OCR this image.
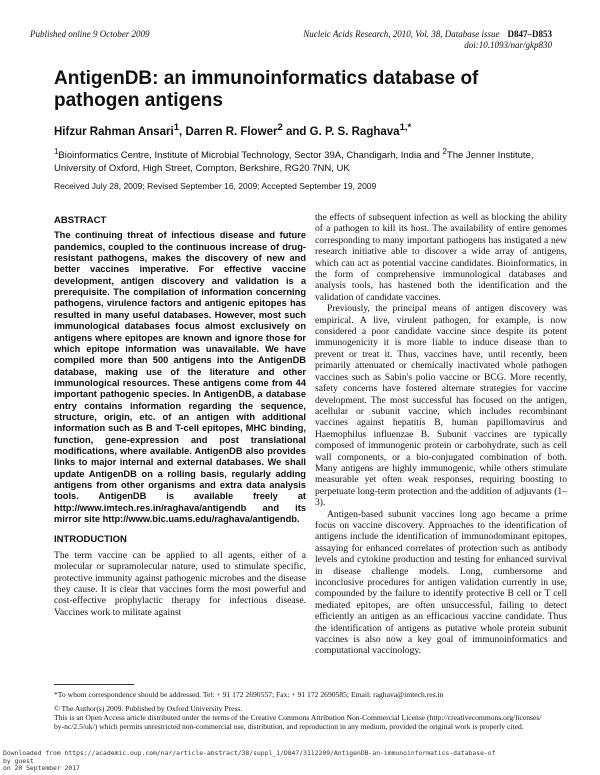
Published online 9 October 2009	Nucleic Acids Research, 2010, Vol. 38, Database issue D847–D853
doi:10.1093/nar/gkp830
AntigenDB: an immunoinformatics database of pathogen antigens
Hifzur Rahman Ansari$^1$, Darren R. Flower$^2$ and G. P. S. Raghava$^{1,*}$
$^1$Bioinformatics Centre, Institute of Microbial Technology, Sector 39A, Chandigarh, India and $^2$The Jenner Institute, University of Oxford, High Street, Compton, Berkshire, RG20 7NN, UK
Received July 28, 2009; Revised September 16, 2009; Accepted September 19, 2009
ABSTRACT

The continuing threat of infectious disease and future pandemics, coupled to the continuous increase of drug-resistant pathogens, makes the discovery of new and better vaccines imperative. For effective vaccine development, antigen discovery and validation is a prerequisite. The compilation of information concerning pathogens, virulence factors and antigenic epitopes has resulted in many useful databases. However, most such immunological databases focus almost exclusively on antigens where epitopes are known and ignore those for which epitope information was unavailable. We have compiled more than 500 antigens into the AntigenDB database, making use of the literature and other immunological resources. These antigens come from 44 important pathogenic species. In AntigenDB, a database entry contains information regarding the sequence, structure, origin, etc. of an antigen with additional information such as B and T-cell epitopes, MHC binding, function, gene-expression and post translational modifications, where available. AntigenDB also provides links to major internal and external databases. We shall update AntigenDB on a rolling basis, regularly adding antigens from other organisms and extra data analysis tools. AntigenDB is available freely at http://www.imtech.res.in/raghava/antigendb and its mirror site http://www.bic.uams.edu/raghava/antigendb.

INTRODUCTION

The term vaccine can be applied to all agents, either of a molecular or supramolecular nature, used to stimulate specific, protective immunity against pathogenic microbes and the disease they cause. It is clear that vaccines form the most powerful and cost-effective prophylactic therapy for infectious disease. Vaccines work to militate against

the effects of subsequent infection as well as blocking the ability of a pathogen to kill its host. The availability of entire genomes corresponding to many important pathogens has instigated a new research initiative able to discover a wide array of antigens, which can act as potential vaccine candidates. Bioinformatics, in the form of comprehensive immunological databases and analysis tools, has hastened both the identification and the validation of candidate vaccines.

Previously, the principal means of antigen discovery was empirical. A live, virulent pathogen, for example, is now considered a poor candidate vaccine since despite its potent immunogenicity it is more liable to induce disease than to prevent or treat it. Thus, vaccines have, until recently, been primarily attenuated or chemically inactivated whole pathogen vaccines such as Sabin's polio vaccine or BCG. More recently, safety concerns have fostered alternate strategies for vaccine development. The most successful has focused on the antigen, acellular or subunit vaccine, which includes recombinant vaccines against hepatitis B, human papillomavirus and Haemophilus influenzae B. Subunit vaccines are typically composed of immunogenic protein or carbohydrate, such as cell wall components, or a bio-conjugated combination of both. Many antigens are highly immunogenic, while others stimulate measurable yet often weak responses, requiring boosting to perpetuate long-term protection and the addition of adjuvants (1–3).

Antigen-based subunit vaccines long ago became a prime focus on vaccine discovery. Approaches to the identification of antigens include the identification of immunodominant epitopes, assaying for enhanced correlates of protection such as antibody levels and cytokine production and testing for enhanced survival in disease challenge models. Long, cumbersome and inconclusive procedures for antigen validation currently in use, compounded by the failure to identify protective B cell or T cell mediated epitopes, are often unsuccessful, failing to detect efficiently an antigen as an efficacious vaccine candidate. Thus the identification of antigens as putative whole protein subunit vaccines is also now a key goal of immunoinformatics and computational vaccinology.

*To whom correspondence should be addressed. Tel: + 91 172 2690557; Fax: + 91 172 2690585; Email: raghava@imtech.res.in
© The Author(s) 2009. Published by Oxford University Press.
This is an Open Access article distributed under the terms of the Creative Commons Attribution Non-Commercial License (http://creativecommons.org/licenses/
by-nc/2.5/uk/) which permits unrestricted non-commercial use, distribution, and reproduction in any medium, provided the original work is properly cited.
Downloaded from https://academic.oup.com/nar/article-abstract/38/suppl_1/D847/3112209/AntigenDB-an-immunoinformatics-database-of
by guest
on 20 September 2017
